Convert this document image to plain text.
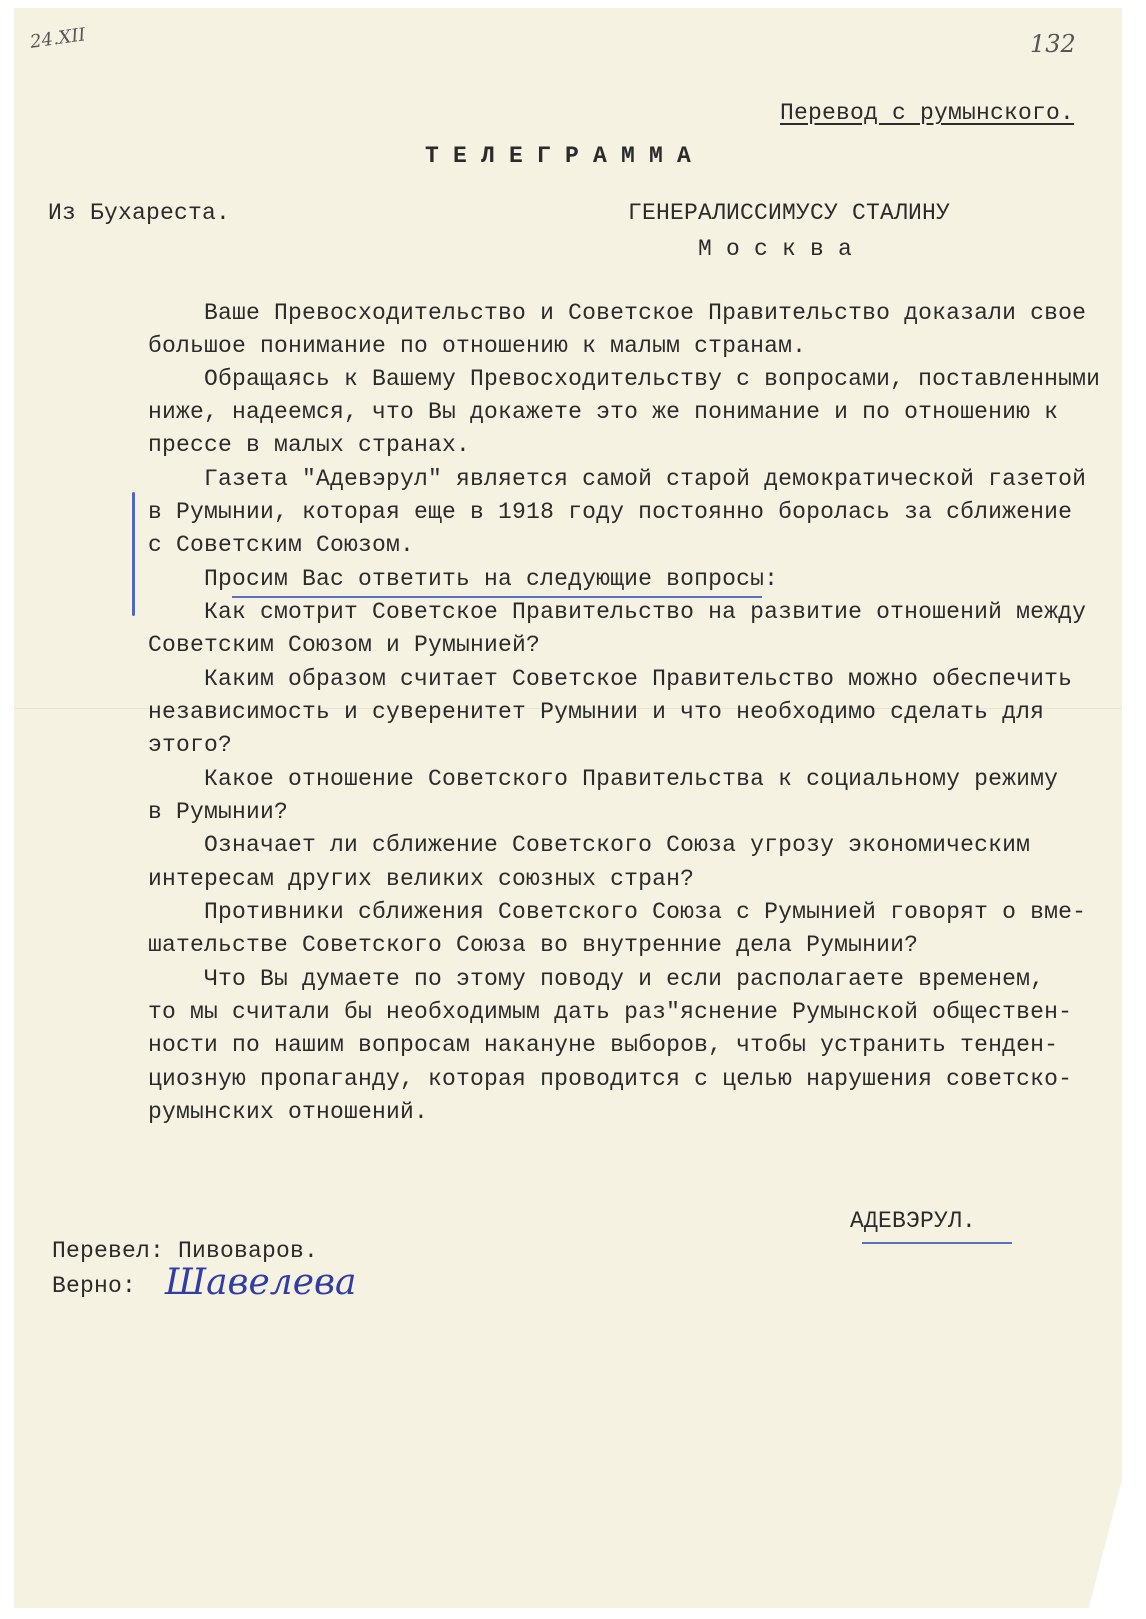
24.XII	132
Перевод с румынского.
Т Е Л Е Г Р А М М А
Из Бухареста.	ГЕНЕРАЛИССИМУСУ СТАЛИНУ
М о с к в а
Ваше Превосходительство и Советское Правительство доказали свое
большое понимание по отношению к малым странам.
Обращаясь к Вашему Превосходительству с вопросами, поставленными
ниже, надеемся, что Вы докажете это же понимание и по отношению к
прессе в малых странах.
Газета "Адевэрул" является самой старой демократической газетой
в Румынии, которая еще в 1918 году постоянно боролась за сближение
с Советским Союзом.
Просим Вас ответить на следующие вопросы:
Как смотрит Советское Правительство на развитие отношений между
Советским Союзом и Румынией?
Каким образом считает Советское Правительство можно обеспечить
независимость и суверенитет Румынии и что необходимо сделать для
этого?
Какое отношение Советского Правительства к социальному режиму
в Румынии?
Означает ли сближение Советского Союза угрозу экономическим
интересам других великих союзных стран?
Противники сближения Советского Союза с Румынией говорят о вме-
шательстве Советского Союза во внутренние дела Румынии?
Что Вы думаете по этому поводу и если располагаете временем,
то мы считали бы необходимым дать раз"яснение Румынской обществен-
ности по нашим вопросам накануне выборов, чтобы устранить тенден-
циозную пропаганду, которая проводится с целью нарушения советско-
румынских отношений.
АДЕВЭРУЛ.
Перевел: Пивоваров.
Верно: Шавелева
